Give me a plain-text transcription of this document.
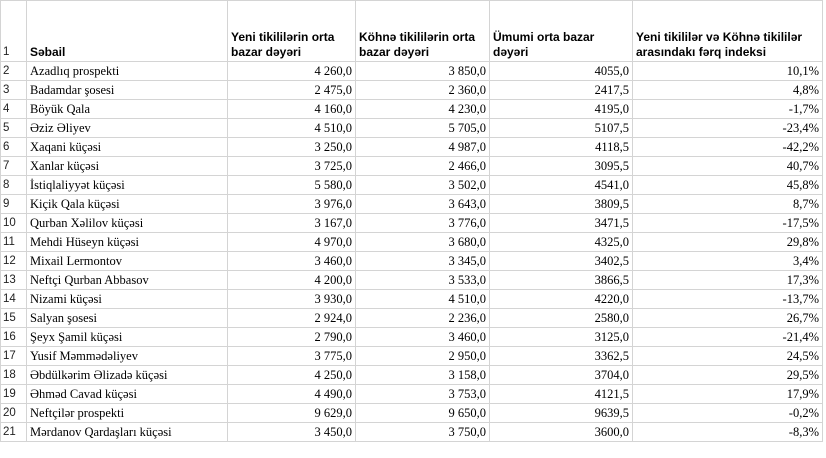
1	Səbail	Yeni tikililərin orta bazar dəyəri	Köhnə tikililərin orta bazar dəyəri	Ümumi orta bazar dəyəri	Yeni tikililər və Köhnə tikililər arasındakı fərq indeksi
2	Azadlıq prospekti	4 260,0	3 850,0	4055,0	10,1%
3	Badamdar şosesi	2 475,0	2 360,0	2417,5	4,8%
4	Böyük Qala	4 160,0	4 230,0	4195,0	-1,7%
5	Əziz Əliyev	4 510,0	5 705,0	5107,5	-23,4%
6	Xaqani küçəsi	3 250,0	4 987,0	4118,5	-42,2%
7	Xanlar küçəsi	3 725,0	2 466,0	3095,5	40,7%
8	İstiqlaliyyət küçəsi	5 580,0	3 502,0	4541,0	45,8%
9	Kiçik Qala küçəsi	3 976,0	3 643,0	3809,5	8,7%
10	Qurban Xəlilov küçəsi	3 167,0	3 776,0	3471,5	-17,5%
11	Mehdi Hüseyn küçəsi	4 970,0	3 680,0	4325,0	29,8%
12	Mixail Lermontov	3 460,0	3 345,0	3402,5	3,4%
13	Neftçi Qurban Abbasov	4 200,0	3 533,0	3866,5	17,3%
14	Nizami küçəsi	3 930,0	4 510,0	4220,0	-13,7%
15	Salyan şosesi	2 924,0	2 236,0	2580,0	26,7%
16	Şeyx Şamil küçəsi	2 790,0	3 460,0	3125,0	-21,4%
17	Yusif Məmmədəliyev	3 775,0	2 950,0	3362,5	24,5%
18	Əbdülkərim Əlizadə küçəsi	4 250,0	3 158,0	3704,0	29,5%
19	Əhməd Cavad küçəsi	4 490,0	3 753,0	4121,5	17,9%
20	Neftçilər prospekti	9 629,0	9 650,0	9639,5	-0,2%
21	Mərdanov Qardaşları küçəsi	3 450,0	3 750,0	3600,0	-8,3%
